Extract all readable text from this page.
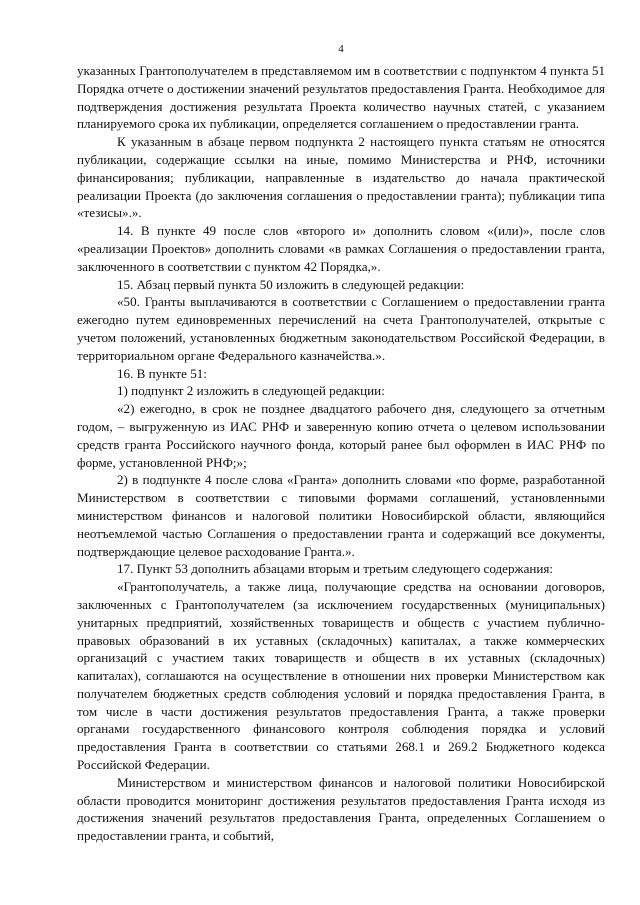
4

указанных Грантополучателем в представляемом им в соответствии с подпунктом 4 пункта 51 Порядка отчете о достижении значений результатов предоставления Гранта. Необходимое для подтверждения достижения результата Проекта количество научных статей, с указанием планируемого срока их публикации, определяется соглашением о предоставлении гранта.

К указанным в абзаце первом подпункта 2 настоящего пункта статьям не относятся публикации, содержащие ссылки на иные, помимо Министерства и РНФ, источники финансирования; публикации, направленные в издательство до начала практической реализации Проекта (до заключения соглашения о предоставлении гранта); публикации типа «тезисы».».

14. В пункте 49 после слов «второго и» дополнить словом «(или)», после слов «реализации Проектов» дополнить словами «в рамках Соглашения о предоставлении гранта, заключенного в соответствии с пунктом 42 Порядка,».

15. Абзац первый пункта 50 изложить в следующей редакции:

«50. Гранты выплачиваются в соответствии с Соглашением о предоставлении гранта ежегодно путем единовременных перечислений на счета Грантополучателей, открытые с учетом положений, установленных бюджетным законодательством Российской Федерации, в территориальном органе Федерального казначейства.».

16. В пункте 51:

1) подпункт 2 изложить в следующей редакции:

«2) ежегодно, в срок не позднее двадцатого рабочего дня, следующего за отчетным годом, – выгруженную из ИАС РНФ и заверенную копию отчета о целевом использовании средств гранта Российского научного фонда, который ранее был оформлен в ИАС РНФ по форме, установленной РНФ;»;

2) в подпункте 4 после слова «Гранта» дополнить словами «по форме, разработанной Министерством в соответствии с типовыми формами соглашений, установленными министерством финансов и налоговой политики Новосибирской области, являющийся неотъемлемой частью Соглашения о предоставлении гранта и содержащий все документы, подтверждающие целевое расходование Гранта.».

17. Пункт 53 дополнить абзацами вторым и третьим следующего содержания:

«Грантополучатель, а также лица, получающие средства на основании договоров, заключенных с Грантополучателем (за исключением государственных (муниципальных) унитарных предприятий, хозяйственных товариществ и обществ с участием публично-правовых образований в их уставных (складочных) капиталах, а также коммерческих организаций с участием таких товариществ и обществ в их уставных (складочных) капиталах), соглашаются на осуществление в отношении них проверки Министерством как получателем бюджетных средств соблюдения условий и порядка предоставления Гранта, в том числе в части достижения результатов предоставления Гранта, а также проверки органами государственного финансового контроля соблюдения порядка и условий предоставления Гранта в соответствии со статьями 268.1 и 269.2 Бюджетного кодекса Российской Федерации.

Министерством и министерством финансов и налоговой политики Новосибирской области проводится мониторинг достижения результатов предоставления Гранта исходя из достижения значений результатов предоставления Гранта, определенных Соглашением о предоставлении гранта, и событий,
